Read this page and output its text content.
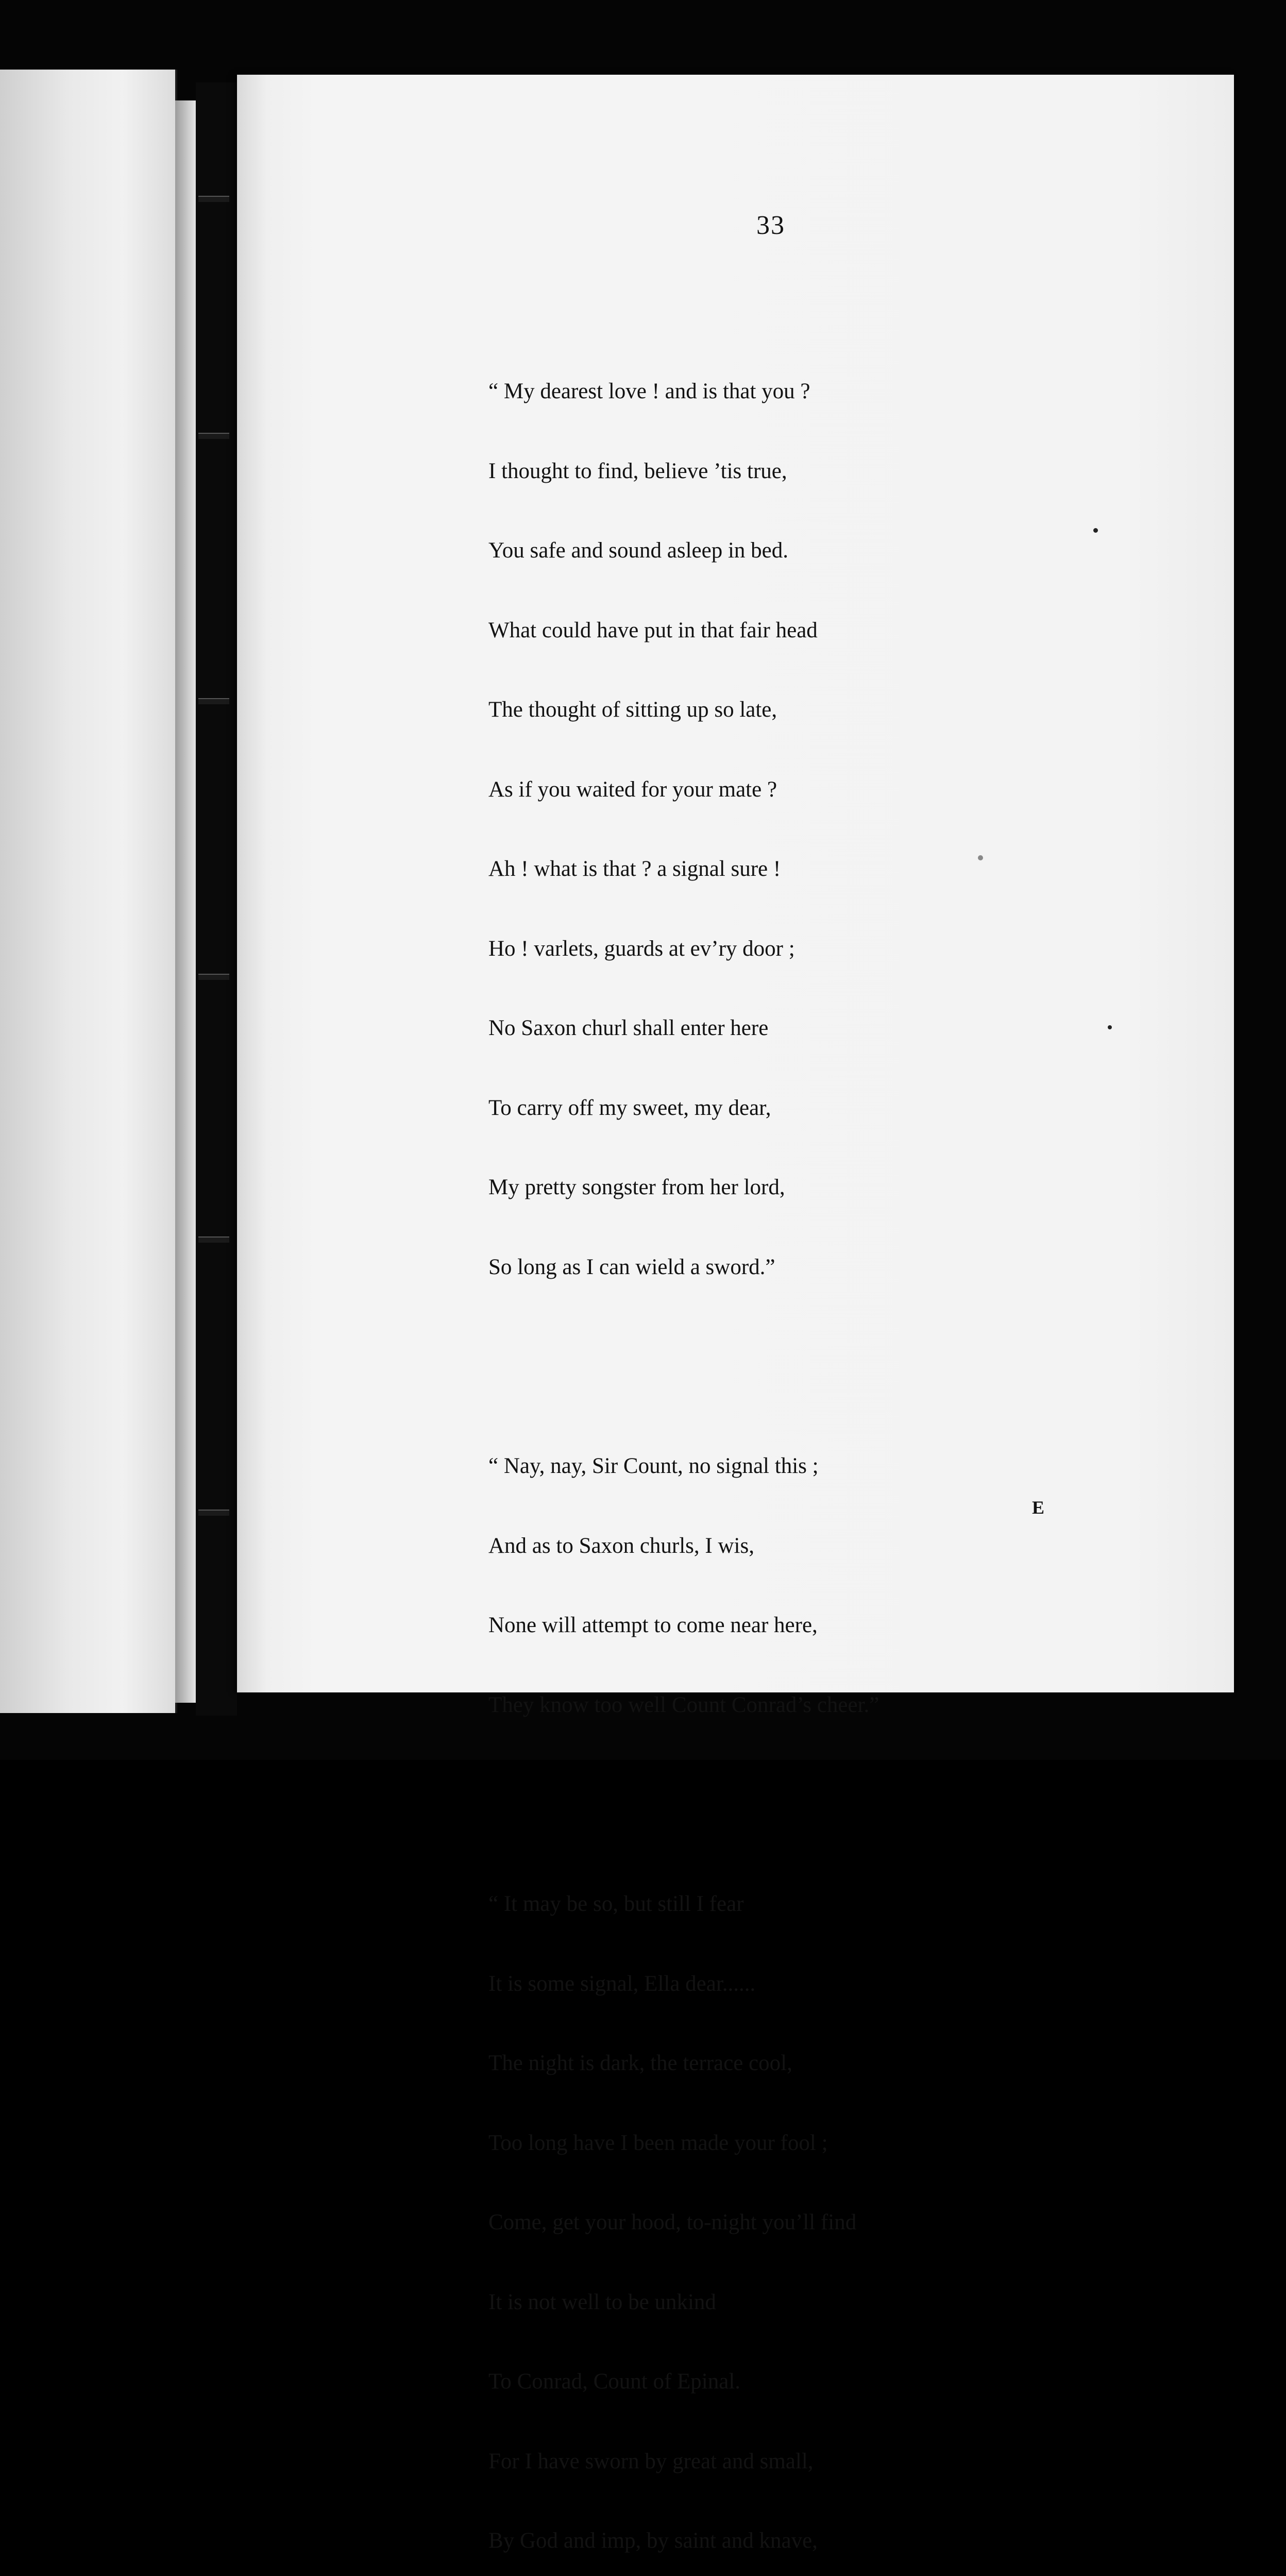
33

“ My dearest love ! and is that you ?

I thought to find, believe ’tis true,

You safe and sound asleep in bed.

What could have put in that fair head

The thought of sitting up so late,

As if you waited for your mate ?

Ah ! what is that ? a signal sure !

Ho ! varlets, guards at ev’ry door ;

No Saxon churl shall enter here

To carry off my sweet, my dear,

My pretty songster from her lord,

So long as I can wield a sword.”

“ Nay, nay, Sir Count, no signal this ;

And as to Saxon churls, I wis,

None will attempt to come near here,

They know too well Count Conrad’s cheer.”

“ It may be so, but still I fear

It is some signal, Ella dear......

The night is dark, the terrace cool,

Too long have I been made your fool ;

Come, get your hood, to-night you’ll find

It is not well to be unkind

To Conrad, Count of Epinal.

For I have sworn by great and small,

By God and imp, by saint and knave,

E
